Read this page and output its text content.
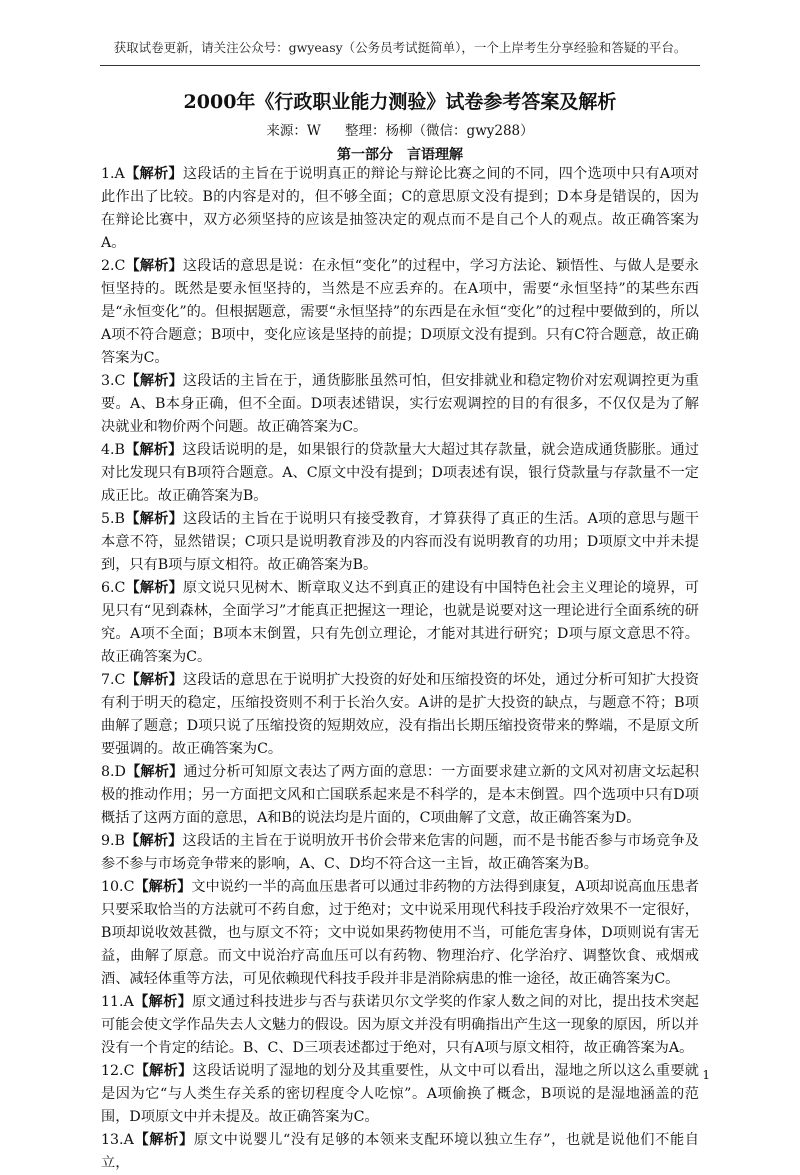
获取试卷更新，请关注公众号：gwyeasy（公务员考试挺简单），一个上岸考生分享经验和答疑的平台。
2000年《行政职业能力测验》试卷参考答案及解析
来源：W 整理：杨柳（微信：gwy288）
第一部分　言语理解
1.A【解析】这段话的主旨在于说明真正的辩论与辩论比赛之间的不同，四个选项中只有A项对此作出了比较。B的内容是对的，但不够全面；C的意思原文没有提到；D本身是错误的，因为在辩论比赛中，双方必须坚持的应该是抽签决定的观点而不是自己个人的观点。故正确答案为A。
2.C【解析】这段话的意思是说：在永恒“变化”的过程中，学习方法论、颖悟性、与做人是要永恒坚持的。既然是要永恒坚持的，当然是不应丢弃的。在A项中，需要“永恒坚持”的某些东西是“永恒变化”的。但根据题意，需要“永恒坚持”的东西是在永恒“变化”的过程中要做到的，所以A项不符合题意；B项中，变化应该是坚持的前提；D项原文没有提到。只有C符合题意，故正确答案为C。
3.C【解析】这段话的主旨在于，通货膨胀虽然可怕，但安排就业和稳定物价对宏观调控更为重要。A、B本身正确，但不全面。D项表述错误，实行宏观调控的目的有很多，不仅仅是为了解决就业和物价两个问题。故正确答案为C。
4.B【解析】这段话说明的是，如果银行的贷款量大大超过其存款量，就会造成通货膨胀。通过对比发现只有B项符合题意。A、C原文中没有提到；D项表述有误，银行贷款量与存款量不一定成正比。故正确答案为B。
5.B【解析】这段话的主旨在于说明只有接受教育，才算获得了真正的生活。A项的意思与题干本意不符，显然错误；C项只是说明教育涉及的内容而没有说明教育的功用；D项原文中并未提到，只有B项与原文相符。故正确答案为B。
6.C【解析】原文说只见树木、断章取义达不到真正的建设有中国特色社会主义理论的境界，可见只有“见到森林，全面学习”才能真正把握这一理论，也就是说要对这一理论进行全面系统的研究。A项不全面；B项本末倒置，只有先创立理论，才能对其进行研究；D项与原文意思不符。故正确答案为C。
7.C【解析】这段话的意思在于说明扩大投资的好处和压缩投资的坏处，通过分析可知扩大投资有利于明天的稳定，压缩投资则不利于长治久安。A讲的是扩大投资的缺点，与题意不符；B项曲解了题意；D项只说了压缩投资的短期效应，没有指出长期压缩投资带来的弊端，不是原文所要强调的。故正确答案为C。
8.D【解析】通过分析可知原文表达了两方面的意思：一方面要求建立新的文风对初唐文坛起积极的推动作用；另一方面把文风和亡国联系起来是不科学的，是本末倒置。四个选项中只有D项概括了这两方面的意思，A和B的说法均是片面的，C项曲解了文意，故正确答案为D。
9.B【解析】这段话的主旨在于说明放开书价会带来危害的问题，而不是书能否参与市场竞争及参不参与市场竞争带来的影响，A、C、D均不符合这一主旨，故正确答案为B。
10.C【解析】文中说约一半的高血压患者可以通过非药物的方法得到康复，A项却说高血压患者只要采取恰当的方法就可不药自愈，过于绝对；文中说采用现代科技手段治疗效果不一定很好，B项却说收效甚微，也与原文不符；文中说如果药物使用不当，可能危害身体，D项则说有害无益，曲解了原意。而文中说治疗高血压可以有药物、物理治疗、化学治疗、调整饮食、戒烟戒酒、减轻体重等方法，可见依赖现代科技手段并非是消除病患的惟一途径，故正确答案为C。
11.A【解析】原文通过科技进步与否与获诺贝尔文学奖的作家人数之间的对比，提出技术突起可能会使文学作品失去人文魅力的假设。因为原文并没有明确指出产生这一现象的原因，所以并没有一个肯定的结论。B、C、D三项表述都过于绝对，只有A项与原文相符，故正确答案为A。
12.C【解析】这段话说明了湿地的划分及其重要性，从文中可以看出，湿地之所以这么重要就是因为它“与人类生存关系的密切程度令人吃惊”。A项偷换了概念，B项说的是湿地涵盖的范围，D项原文中并未提及。故正确答案为C。
13.A【解析】原文中说婴儿“没有足够的本领来支配环境以独立生存”，也就是说他们不能自立，
1
